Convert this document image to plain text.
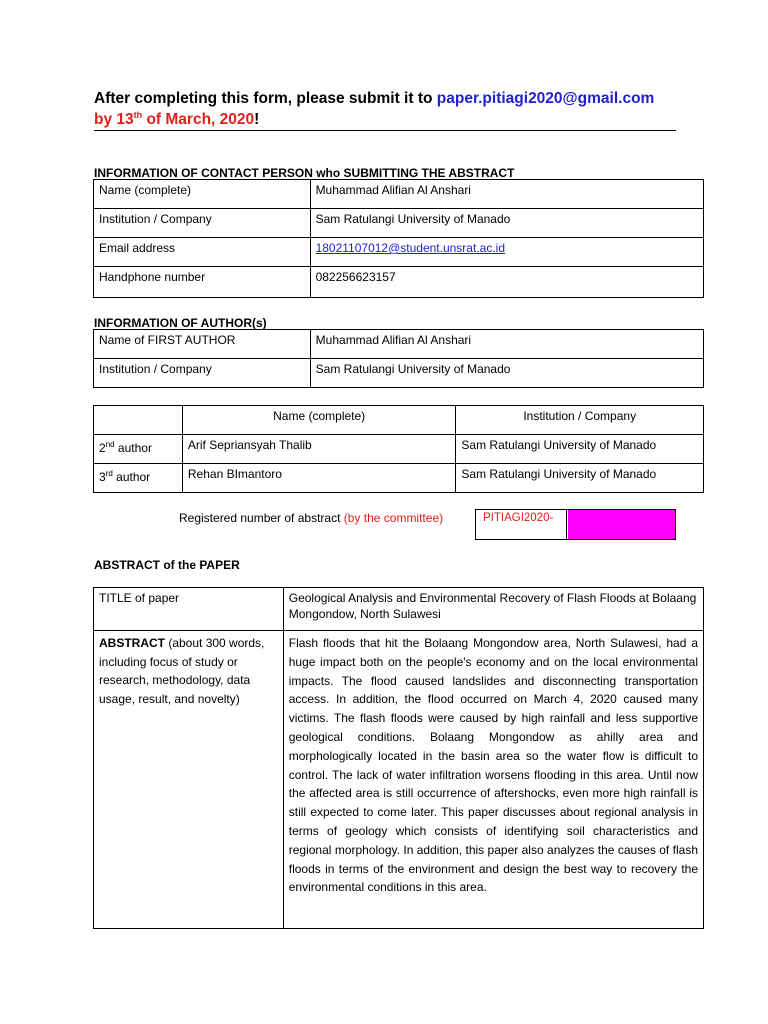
After completing this form, please submit it to paper.pitiagi2020@gmail.com
by 13th of March, 2020!
INFORMATION OF CONTACT PERSON who SUBMITTING THE ABSTRACT
Name (complete)	Muhammad Alifian Al Anshari
Institution / Company	Sam Ratulangi University of Manado
Email address	18021107012@student.unsrat.ac.id
Handphone number	082256623157
INFORMATION OF AUTHOR(s)
Name of FIRST AUTHOR	Muhammad Alifian Al Anshari
Institution / Company	Sam Ratulangi University of Manado
	Name (complete)	Institution / Company
2nd author	Arif Sepriansyah Thalib	Sam Ratulangi University of Manado
3rd author	Rehan BImantoro	Sam Ratulangi University of Manado
Registered number of abstract (by the committee)	PITIAGI2020-
ABSTRACT of the PAPER
TITLE of paper	Geological Analysis and Environmental Recovery of Flash Floods at Bolaang Mongondow, North Sulawesi
ABSTRACT (about 300 words, including focus of study or research, methodology, data usage, result, and novelty)	Flash floods that hit the Bolaang Mongondow area, North Sulawesi, had a huge impact both on the people's economy and on the local environmental impacts. The flood caused landslides and disconnecting transportation access. In addition, the flood occurred on March 4, 2020 caused many victims. The flash floods were caused by high rainfall and less supportive geological conditions. Bolaang Mongondow as ahilly area and morphologically located in the basin area so the water flow is difficult to control. The lack of water infiltration worsens flooding in this area. Until now the affected area is still occurrence of aftershocks, even more high rainfall is still expected to come later. This paper discusses about regional analysis in terms of geology which consists of identifying soil characteristics and regional morphology. In addition, this paper also analyzes the causes of flash floods in terms of the environment and design the best way to recovery the environmental conditions in this area.
